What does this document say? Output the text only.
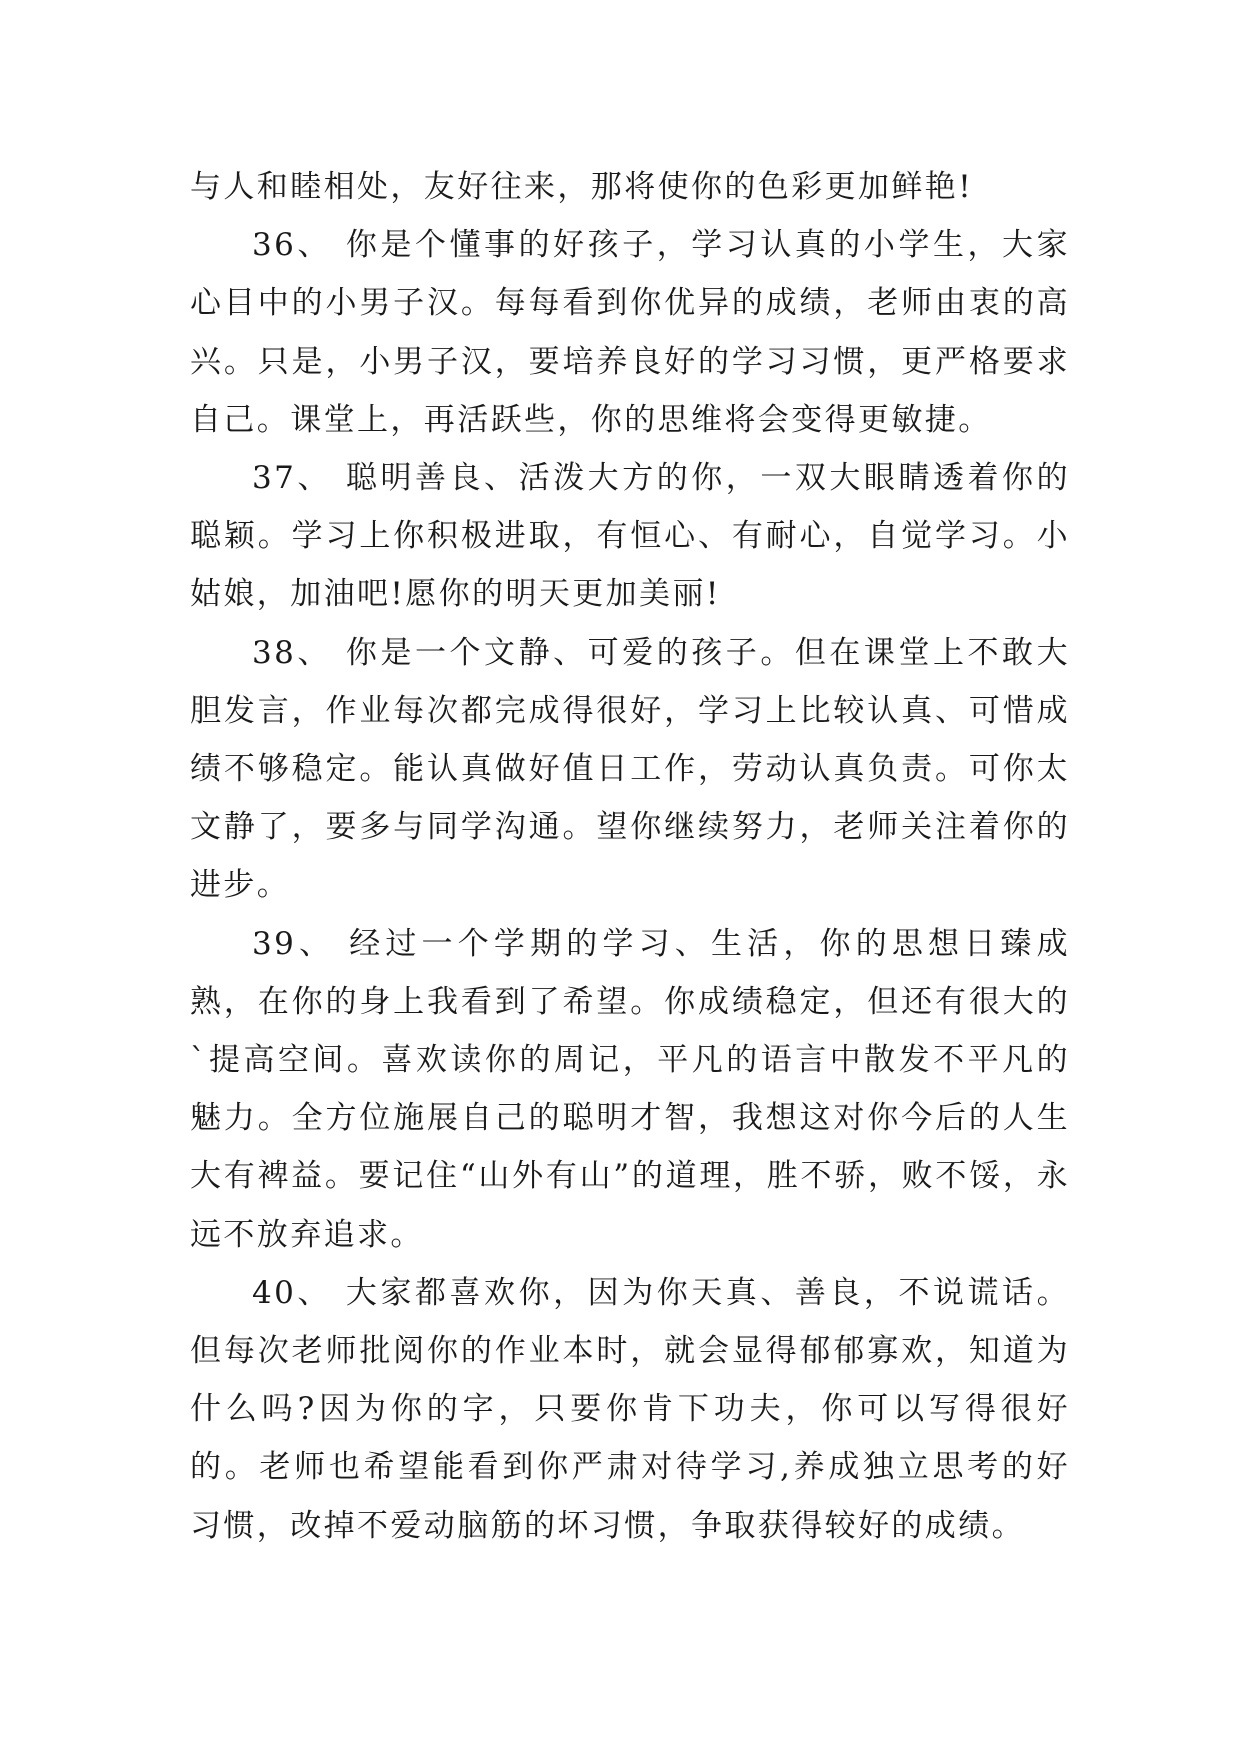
与人和睦相处，友好往来，那将使你的色彩更加鲜艳!

36、 你是个懂事的好孩子，学习认真的小学生，大家心目中的小男子汉。每每看到你优异的成绩，老师由衷的高兴。只是，小男子汉，要培养良好的学习习惯，更严格要求自己。课堂上，再活跃些，你的思维将会变得更敏捷。

37、 聪明善良、活泼大方的你，一双大眼睛透着你的聪颖。学习上你积极进取，有恒心、有耐心，自觉学习。小姑娘，加油吧!愿你的明天更加美丽!

38、 你是一个文静、可爱的孩子。但在课堂上不敢大胆发言，作业每次都完成得很好，学习上比较认真、可惜成绩不够稳定。能认真做好值日工作，劳动认真负责。可你太文静了，要多与同学沟通。望你继续努力，老师关注着你的进步。

39、 经过一个学期的学习、生活，你的思想日臻成熟，在你的身上我看到了希望。你成绩稳定，但还有很大的`提高空间。喜欢读你的周记，平凡的语言中散发不平凡的魅力。全方位施展自己的聪明才智，我想这对你今后的人生大有裨益。要记住“山外有山”的道理，胜不骄，败不馁，永远不放弃追求。

40、 大家都喜欢你，因为你天真、善良，不说谎话。但每次老师批阅你的作业本时，就会显得郁郁寡欢，知道为什么吗?因为你的字，只要你肯下功夫，你可以写得很好的。老师也希望能看到你严肃对待学习,养成独立思考的好习惯，改掉不爱动脑筋的坏习惯，争取获得较好的成绩。
